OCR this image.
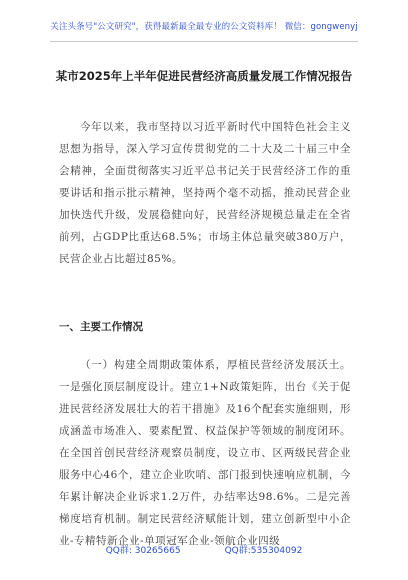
关注头条号"公文研究"，获得最新最全最专业的公文资料库！ 微信：gongwenyj
某市2025年上半年促进民营经济高质量发展工作情况报告

今年以来，我市坚持以习近平新时代中国特色社会主义思想为指导，深入学习宣传贯彻党的二十大及二十届三中全会精神，全面贯彻落实习近平总书记关于民营经济工作的重要讲话和指示批示精神，坚持两个毫不动摇，推动民营企业加快迭代升级，发展稳健向好，民营经济规模总量走在全省前列，占GDP比重达68.5%；市场主体总量突破380万户，民营企业占比超过85%。

一、主要工作情况

（一）构建全周期政策体系，厚植民营经济发展沃土。一是强化顶层制度设计。建立1+N政策矩阵，出台《关于促进民营经济发展壮大的若干措施》及16个配套实施细则，形成涵盖市场准入、要素配置、权益保护等领域的制度闭环。在全国首创民营经济观察员制度，设立市、区两级民营企业服务中心46个，建立企业吹哨、部门报到快速响应机制，今年累计解决企业诉求1.2万件，办结率达98.6%。二是完善梯度培育机制。制定民营经济赋能计划，建立创新型中小企业-专精特新企业-单项冠军企业-领航企业四级

QQ群: 30265665	QQ群:535304092
